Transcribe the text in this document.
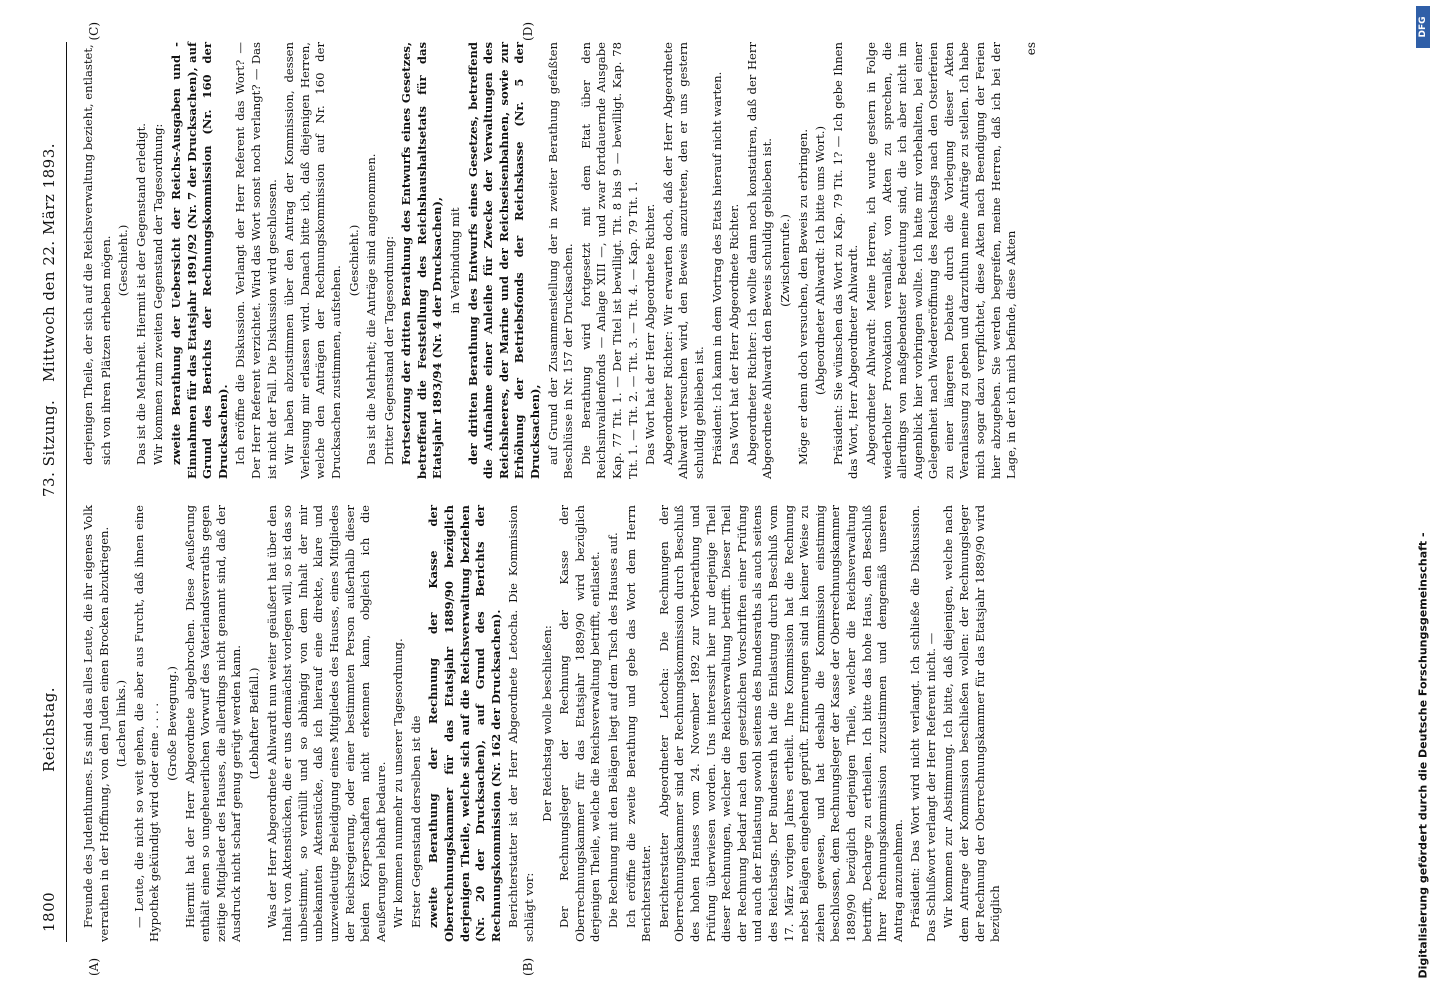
1800
Reichstag.
73. Sitzung.
Mittwoch den 22. März 1893.
(A)	(B)
(C)	(D)

Freunde des Judenthumes. Es sind das alles Leute, die ihr eigenes Volk verrathen in der Hoffnung, von den Juden einen Brocken abzukriegen. (Lachen links.) — Leute, die nicht so weit gehen, die aber aus Furcht, daß ihnen eine Hypothek gekündigt wird oder eine . . . . (Große Bewegung.) Hiermit hat der Herr Abgeordnete abgebrochen. Diese Aeußerung enthält einen so ungeheuerlichen Vorwurf des Vaterlandsverraths gegen zeitige Mitglieder des Hauses, die allerdings nicht genannt sind, daß der Ausdruck nicht scharf genug gerügt werden kann. (Lebhafter Beifall.) Was der Herr Abgeordnete Ahlwardt nun weiter geäußert hat über den Inhalt von Aktenstücken, die er uns demnächst vorlegen will, so ist das so unbestimmt, so verhüllt und so abhängig von dem Inhalt der mir unbekannten Aktenstücke, daß ich hierauf eine direkte, klare und unzweideutige Beleidigung eines Mitgliedes des Hauses, eines Mitgliedes der Reichsregierung, oder einer bestimmten Person außerhalb dieser beiden Körperschaften nicht erkennen kann, obgleich ich die Aeußerungen lebhaft bedaure. Wir kommen nunmehr zu unserer Tagesordnung. Erster Gegenstand derselben ist die zweite Berathung der Rechnung der Kasse der Oberrechnungskammer für das Etatsjahr 1889/90 bezüglich derjenigen Theile, welche sich auf die Reichsverwaltung beziehen (Nr. 20 der Drucksachen), auf Grund des Berichts der Rechnungskommission (Nr. 162 der Drucksachen). Berichterstatter ist der Herr Abgeordnete Letocha. Die Kommission schlägt vor:

Der Reichstag wolle beschließen: Der Rechnungsleger der Rechnung der Kasse der Oberrechnungskammer für das Etatsjahr 1889/90 wird bezüglich derjenigen Theile, welche die Reichsverwaltung betrifft, entlastet. Die Rechnung mit den Belägen liegt auf dem Tisch des Hauses auf. Ich eröffne die zweite Berathung und gebe das Wort dem Herrn Berichterstatter. Berichterstatter Abgeordneter Letocha: Die Rechnungen der Oberrechnungskammer sind der Rechnungskommission durch Beschluß des hohen Hauses vom 24. November 1892 zur Vorberathung und Prüfung überwiesen worden. Uns interessirt hier nur derjenige Theil dieser Rechnungen, welcher die Reichsverwaltung betrifft. Dieser Theil der Rechnung bedarf nach den gesetzlichen Vorschriften einer Prüfung und auch der Entlastung sowohl seitens des Bundesraths als auch seitens des Reichstags. Der Bundesrath hat die Entlastung durch Beschluß vom 17. März vorigen Jahres ertheilt. Ihre Kommission hat die Rechnung nebst Belägen eingehend geprüft. Erinnerungen sind in keiner Weise zu ziehen gewesen, und hat deshalb die Kommission einstimmig beschlossen, dem Rechnungsleger der Kasse der Oberrechnungskammer 1889/90 bezüglich derjenigen Theile, welcher die Reichsverwaltung betrifft, Decharge zu ertheilen. Ich bitte das hohe Haus, den Beschluß Ihrer Rechnungskommission zuzustimmen und demgemäß unseren Antrag anzunehmen. Präsident: Das Wort wird nicht verlangt. Ich schließe die Diskussion. Das Schlußwort verlangt der Herr Referent nicht. — Wir kommen zur Abstimmung. Ich bitte, daß diejenigen, welche nach dem Antrage der Kommission beschließen wollen: der Rechnungsleger der Rechnung der Oberrechnungskammer für das Etatsjahr 1889/90 wird bezüglich

derjenigen Theile, der sich auf die Reichsverwaltung bezieht, entlastet, sich von ihren Plätzen erheben mögen. (Geschieht.) Das ist die Mehrheit. Hiermit ist der Gegenstand erledigt. Wir kommen zum zweiten Gegenstand der Tagesordnung: zweite Berathung der Uebersicht der Reichs-Ausgaben und -Einnahmen für das Etatsjahr 1891/92 (Nr. 7 der Drucksachen), auf Grund des Berichts der Rechnungskommission (Nr. 160 der Drucksachen). Ich eröffne die Diskussion. Verlangt der Herr Referent das Wort? — Der Herr Referent verzichtet. Wird das Wort sonst noch verlangt? — Das ist nicht der Fall. Die Diskussion wird geschlossen. Wir haben abzustimmen über den Antrag der Kommission, dessen Verlesung mir erlassen wird. Danach bitte ich, daß diejenigen Herren, welche den Anträgen der Rechnungskommission auf Nr. 160 der Drucksachen zustimmen, aufstehen.

(Geschieht.) Das ist die Mehrheit; die Anträge sind angenommen. Dritter Gegenstand der Tagesordnung: Fortsetzung der dritten Berathung des Entwurfs eines Gesetzes, betreffend die Feststellung des Reichshaushaltsetats für das Etatsjahr 1893/94 (Nr. 4 der Drucksachen), in Verbindung mit der dritten Berathung des Entwurfs eines Gesetzes, betreffend die Aufnahme einer Anleihe für Zwecke der Verwaltungen des Reichsheeres, der Marine und der Reichseisenbahnen, sowie zur Erhöhung der Betriebsfonds der Reichskasse (Nr. 5 der Drucksachen), auf Grund der Zusammenstellung der in zweiter Berathung gefaßten Beschlüsse in Nr. 157 der Drucksachen. Die Berathung wird fortgesetzt mit dem Etat über den Reichsinvalidenfonds — Anlage XIII —, und zwar fortdauernde Ausgabe Kap. 77 Tit. 1. — Der Titel ist bewilligt. Tit. 8 bis 9 — bewilligt. Kap. 78 Tit. 1. — Tit. 2. — Tit. 3. — Tit. 4. — Kap. 79 Tit. 1. Das Wort hat der Herr Abgeordnete Richter. Abgeordneter Richter: Wir erwarten doch, daß der Herr Abgeordnete Ahlwardt versuchen wird, den Beweis anzutreten, den er uns gestern schuldig geblieben ist. Präsident: Ich kann in dem Vortrag des Etats hierauf nicht warten. Das Wort hat der Herr Abgeordnete Richter. Abgeordneter Richter: Ich wollte dann noch konstatiren, daß der Herr Abgeordnete Ahlwardt den Beweis schuldig geblieben ist. (Zwischenrufe.) Möge er denn doch versuchen, den Beweis zu erbringen. (Abgeordneter Ahlwardt: Ich bitte ums Wort.) Präsident: Sie wünschen das Wort zu Kap. 79 Tit. 1? — Ich gebe Ihnen das Wort, Herr Abgeordneter Ahlwardt. Abgeordneter Ahlwardt: Meine Herren, ich wurde gestern in Folge wiederholter Provokation veranlaßt, von Akten zu sprechen, die allerdings von maßgebendster Bedeutung sind, die ich aber nicht im Augenblick hier vorbringen wollte. Ich hatte mir vorbehalten, bei einer Gelegenheit nach Wiedereröffnung des Reichstags nach den Osterferien zu einer längeren Debatte durch die Vorlegung dieser Akten Veranlassung zu geben und darzuthun meine Anträge zu stellen. Ich habe mich sogar dazu verpflichtet, diese Akten nach Beendigung der Ferien hier abzugeben. Sie werden begreifen, meine Herren, daß ich bei der Lage, in der ich mich befinde, diese Akten

es
DFG
Digitalisierung gefördert durch die Deutsche Forschungsgemeinschaft -
